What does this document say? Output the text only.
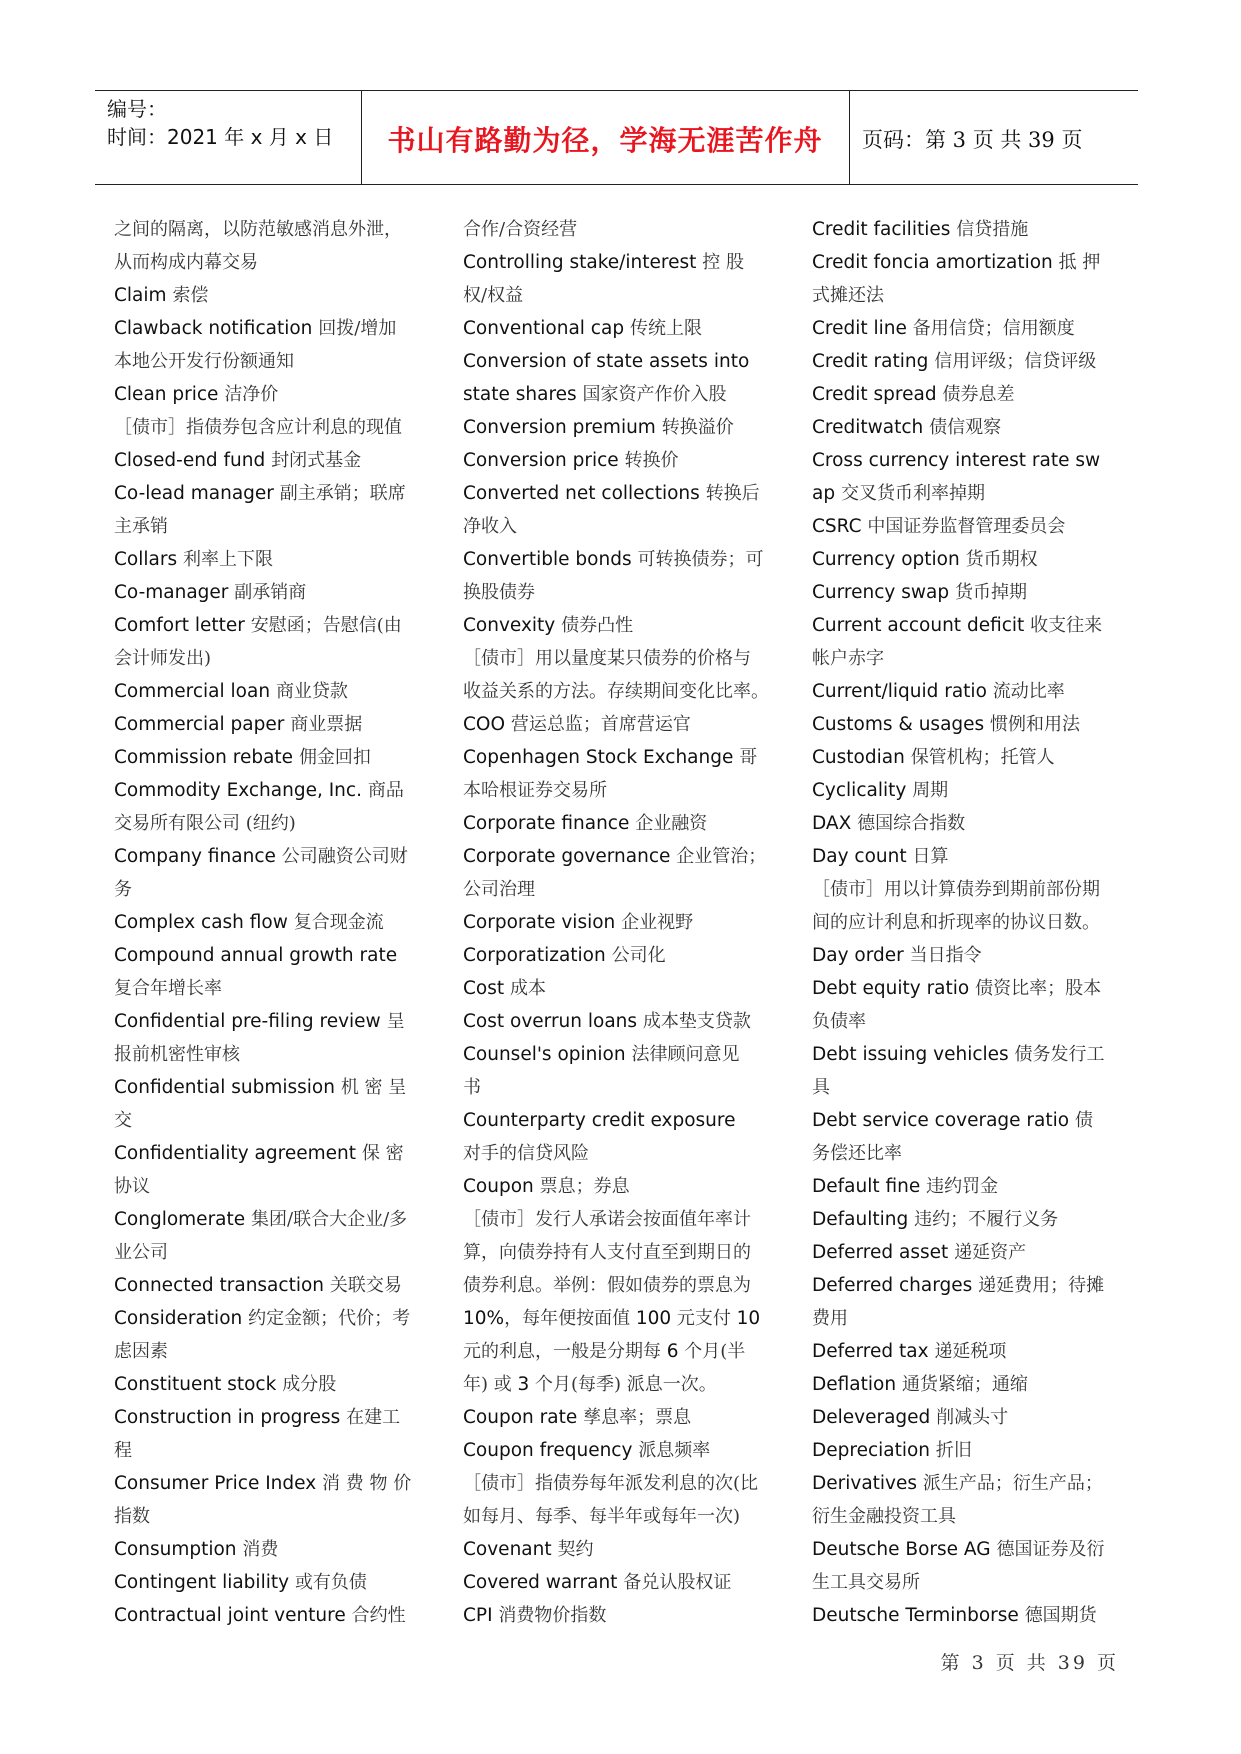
编号：
时间：2021 年 x 月 x 日	书山有路勤为径，学海无涯苦作舟	页码：第 3 页 共 39 页
之间的隔离，以防范敏感消息外泄，
从而构成内幕交易
Claim 索偿
Clawback notification 回拨/增加
本地公开发行份额通知
Clean price 洁净价
［债市］指债券包含应计利息的现值
Closed-end fund 封闭式基金
Co-lead manager 副主承销；联席
主承销
Collars 利率上下限
Co-manager 副承销商
Comfort letter 安慰函；告慰信(由
会计师发出)
Commercial loan 商业贷款
Commercial paper 商业票据
Commission rebate 佣金回扣
Commodity Exchange, Inc. 商品
交易所有限公司 (纽约)
Company finance 公司融资公司财
务
Complex cash flow 复合现金流
Compound annual growth rate
复合年增长率
Confidential pre-filing review 呈
报前机密性审核
Confidential submission 机 密 呈
交
Confidentiality agreement 保 密
协议
Conglomerate 集团/联合大企业/多
业公司
Connected transaction 关联交易
Consideration 约定金额；代价；考
虑因素
Constituent stock 成分股
Construction in progress 在建工
程
Consumer Price Index 消 费 物 价
指数
Consumption 消费
Contingent liability 或有负债
Contractual joint venture 合约性
合作/合资经营
Controlling stake/interest 控 股
权/权益
Conventional cap 传统上限
Conversion of state assets into
state shares 国家资产作价入股
Conversion premium 转换溢价
Conversion price 转换价
Converted net collections 转换后
净收入
Convertible bonds 可转换债券；可
换股债券
Convexity 债券凸性
［债市］用以量度某只债券的价格与
收益关系的方法。存续期间变化比率。
COO 营运总监；首席营运官
Copenhagen Stock Exchange 哥
本哈根证券交易所
Corporate finance 企业融资
Corporate governance 企业管治；
公司治理
Corporate vision 企业视野
Corporatization 公司化
Cost 成本
Cost overrun loans 成本垫支贷款
Counsel's opinion 法律顾问意见
书
Counterparty credit exposure
对手的信贷风险
Coupon 票息；券息
［债市］发行人承诺会按面值年率计
算，向债券持有人支付直至到期日的
债券利息。举例：假如债券的票息为
10%，每年便按面值 100 元支付 10
元的利息，一般是分期每 6 个月(半
年) 或 3 个月(每季) 派息一次。
Coupon rate 孳息率；票息
Coupon frequency 派息频率
［债市］指债券每年派发利息的次(比
如每月、每季、每半年或每年一次)
Covenant 契约
Covered warrant 备兑认股权证
CPI 消费物价指数
Credit facilities 信贷措施
Credit foncia amortization 抵 押
式摊还法
Credit line 备用信贷；信用额度
Credit rating 信用评级；信贷评级
Credit spread 债券息差
Creditwatch 债信观察
Cross currency interest rate sw
ap 交叉货币利率掉期
CSRC 中国证券监督管理委员会
Currency option 货币期权
Currency swap 货币掉期
Current account deficit 收支往来
帐户赤字
Current/liquid ratio 流动比率
Customs & usages 惯例和用法
Custodian 保管机构；托管人
Cyclicality 周期
DAX 德国综合指数
Day count 日算
［债市］用以计算债券到期前部份期
间的应计利息和折现率的协议日数。
Day order 当日指令
Debt equity ratio 债资比率；股本
负债率
Debt issuing vehicles 债务发行工
具
Debt service coverage ratio 债
务偿还比率
Default fine 违约罚金
Defaulting 违约；不履行义务
Deferred asset 递延资产
Deferred charges 递延费用；待摊
费用
Deferred tax 递延税项
Deflation 通货紧缩；通缩
Deleveraged 削减头寸
Depreciation 折旧
Derivatives 派生产品；衍生产品；
衍生金融投资工具
Deutsche Borse AG 德国证券及衍
生工具交易所
Deutsche Terminborse 德国期货
第 3 页 共 39 页
